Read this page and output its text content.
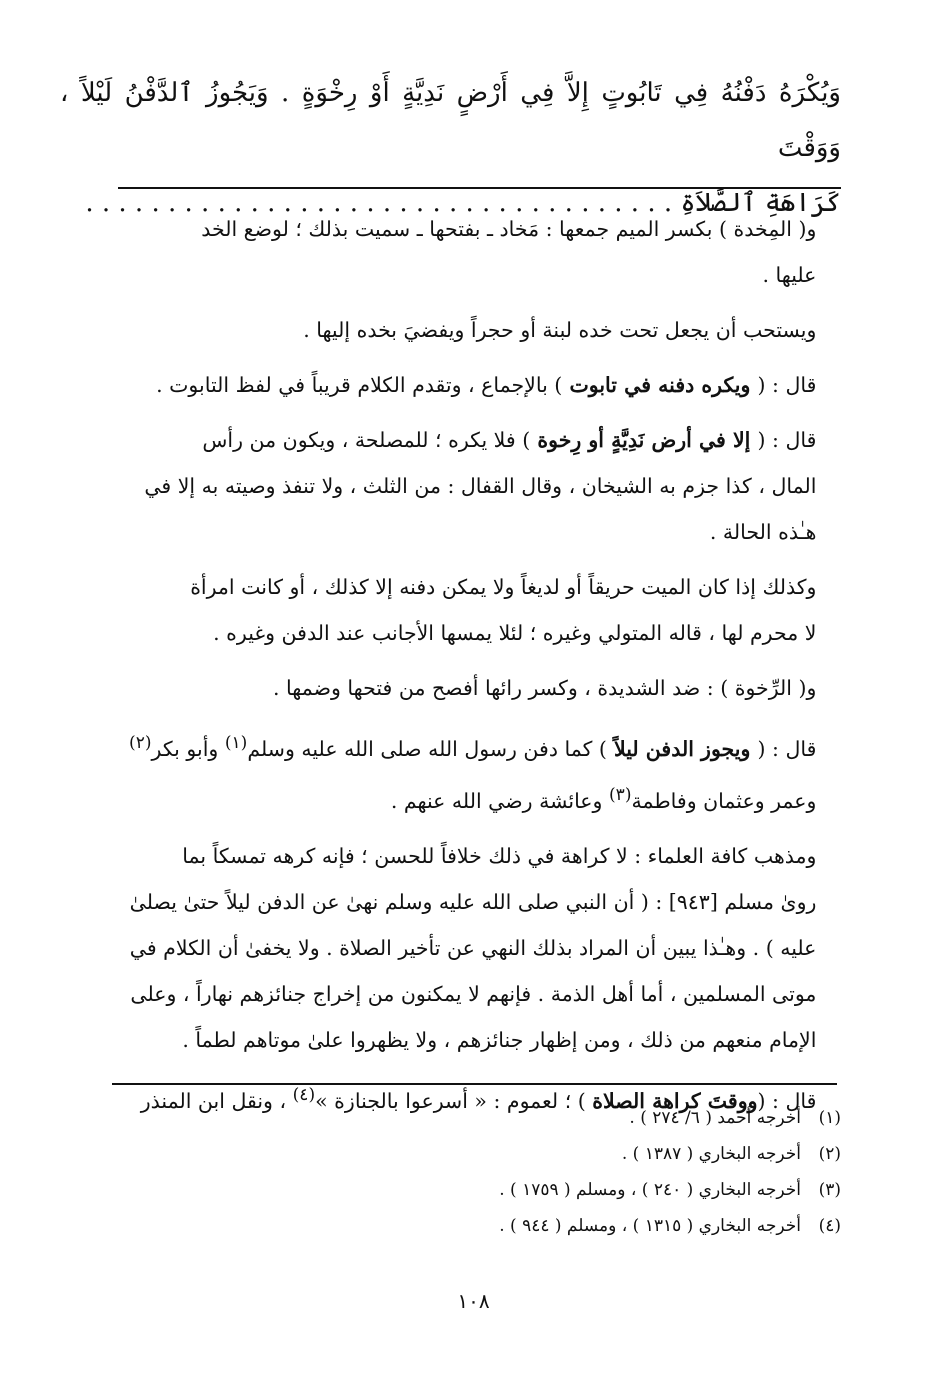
وَيُكْرَهُ دَفْنُهُ فِي تَابُوتٍ إِلاَّ فِي أَرْضٍ نَدِيَّةٍ أَوْ رِخْوَةٍ . وَيَجُوزُ ٱلدَّفْنُ لَيْلاً ، وَوَقْتَ
كَرَاهَةِ ٱلصَّلاَةِ . . . . . . . . . . . . . . . . . . . . . . . . . . . . . . . . . . . .

و( المِخدة ) بكسر الميم جمعها : مَخاد ـ بفتحها ـ سميت بذلك ؛ لوضع الخد
عليها .

ويستحب أن يجعل تحت خده لبنة أو حجراً ويفضيَ بخده إليها .

قال : ( ويكره دفنه في تابوت ) بالإجماع ، وتقدم الكلام قريباً في لفظ التابوت .

قال : ( إلا في أرض نَدِيَّةٍ أو رِخوة ) فلا يكره ؛ للمصلحة ، ويكون من رأس
المال ، كذا جزم به الشيخان ، وقال القفال : من الثلث ، ولا تنفذ وصيته به إلا في
هـٰذه الحالة .

وكذلك إذا كان الميت حريقاً أو لديغاً ولا يمكن دفنه إلا كذلك ، أو كانت امرأة
لا محرم لها ، قاله المتولي وغيره ؛ لئلا يمسها الأجانب عند الدفن وغيره .

و( الرِّخوة ) : ضد الشديدة ، وكسر رائها أفصح من فتحها وضمها .

قال : ( ويجوز الدفن ليلاً ) كما دفن رسول الله صلى الله عليه وسلم$^{(١)}$ وأبو بكر$^{(٢)}$
وعمر وعثمان وفاطمة$^{(٣)}$ وعائشة رضي الله عنهم .

ومذهب كافة العلماء : لا كراهة في ذلك خلافاً للحسن ؛ فإنه كرهه تمسكاً بما
روىٰ مسلم [٩٤٣] : ( أن النبي صلى الله عليه وسلم نهىٰ عن الدفن ليلاً حتىٰ يصلىٰ
عليه ) . وهـٰذا يبين أن المراد بذلك النهي عن تأخير الصلاة . ولا يخفىٰ أن الكلام في
موتى المسلمين ، أما أهل الذمة . فإنهم لا يمكنون من إخراج جنائزهم نهاراً ، وعلى
الإمام منعهم من ذلك ، ومن إظهار جنائزهم ، ولا يظهروا علىٰ موتاهم لطماً .

قال : (ووقتَ كراهة الصلاة ) ؛ لعموم : « أسرعوا بالجنازة »$^{(٤)}$ ، ونقل ابن المنذر

(١)أخرجه أحمد ( ٦/ ٢٧٤ ) .
(٢)أخرجه البخاري ( ١٣٨٧ ) .
(٣)أخرجه البخاري ( ٢٤٠ ) ، ومسلم ( ١٧٥٩ ) .
(٤)أخرجه البخاري ( ١٣١٥ ) ، ومسلم ( ٩٤٤ ) .
١٠٨
